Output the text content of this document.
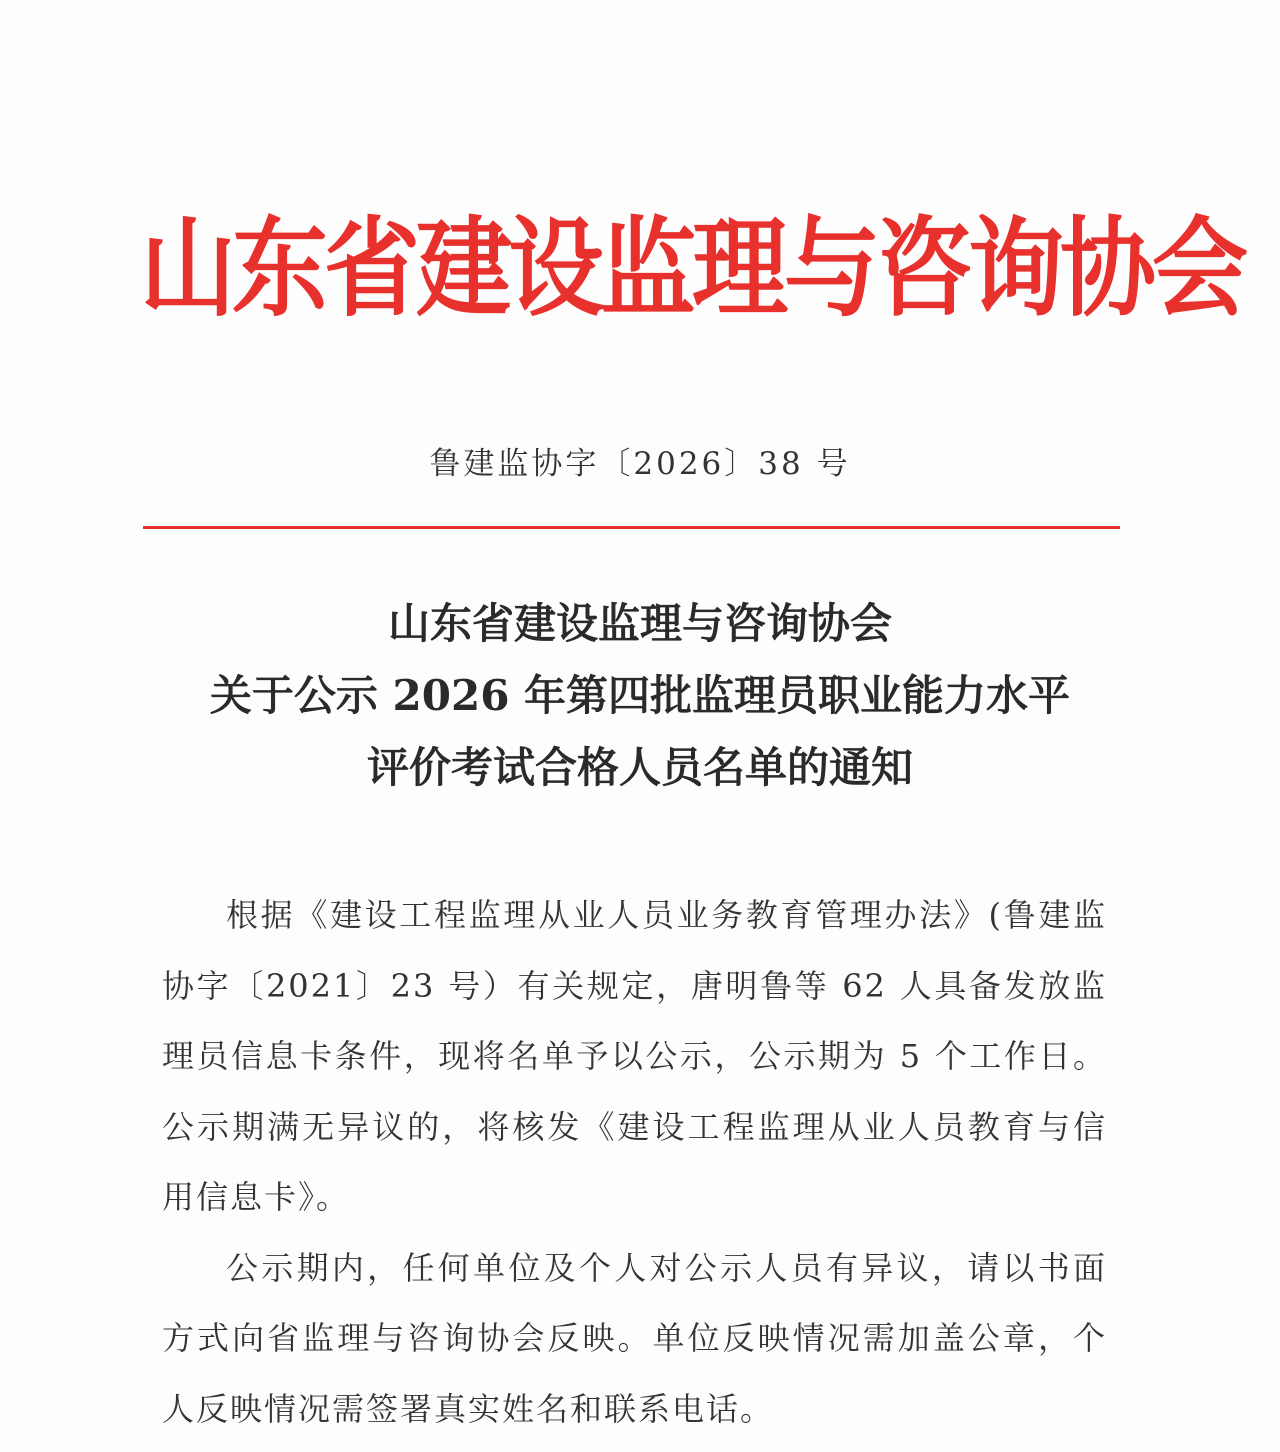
山东省建设监理与咨询协会
鲁建监协字〔2026〕38 号
山东省建设监理与咨询协会
关于公示 2026 年第四批监理员职业能力水平
评价考试合格人员名单的通知

根据《建设工程监理从业人员业务教育管理办法》(鲁建监协字〔2021〕23 号）有关规定，唐明鲁等 62 人具备发放监理员信息卡条件，现将名单予以公示，公示期为 5 个工作日。公示期满无异议的，将核发《建设工程监理从业人员教育与信用信息卡》。

公示期内，任何单位及个人对公示人员有异议，请以书面方式向省监理与咨询协会反映。单位反映情况需加盖公章，个人反映情况需签署真实姓名和联系电话。
